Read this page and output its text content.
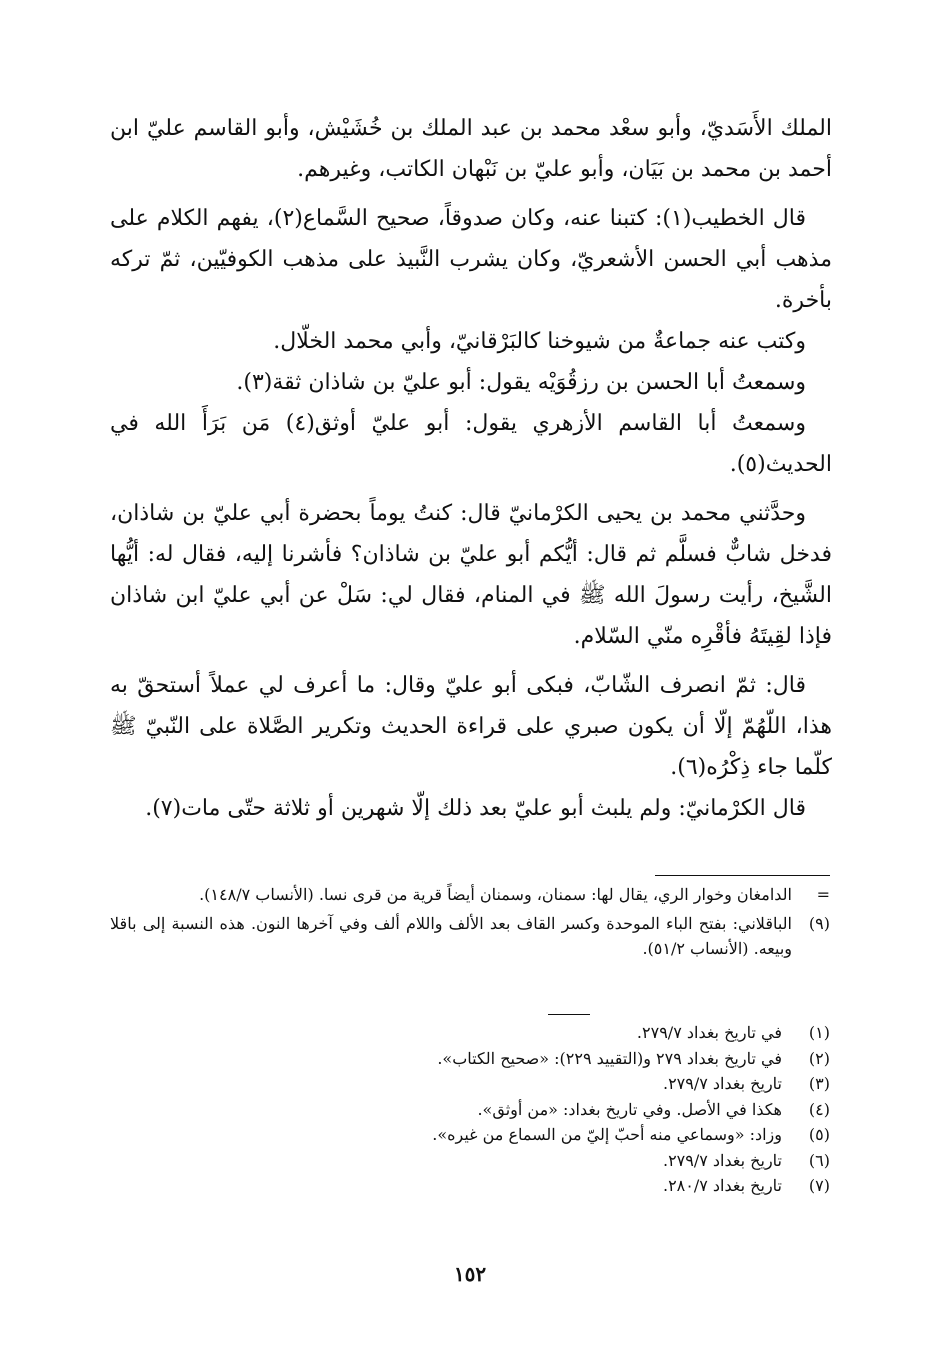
الملك الأَسَديّ، وأبو سعْد محمد بن عبد الملك بن خُشَيْش، وأبو القاسم عليّ ابن أحمد بن محمد بن بَيَان، وأبو عليّ بن نَبْهان الكاتب، وغيرهم.

قال الخطيب(١): كتبنا عنه، وكان صدوقاً، صحيح السَّماع(٢)، يفهم الكلام على مذهب أبي الحسن الأشعريّ، وكان يشرب النَّبيذ على مذهب الكوفيّين، ثمّ تركه بأخرة.

وكتب عنه جماعةٌ من شيوخنا كالبَرْقانيّ، وأبي محمد الخلّال.

وسمعتُ أبا الحسن بن رزقُوَيْه يقول: أبو عليّ بن شاذان ثقة(٣).

وسمعتُ أبا القاسم الأزهري يقول: أبو عليّ أوثق(٤) مَن بَرَأَ الله في الحديث(٥).

وحدَّثني محمد بن يحيى الكرْمانيّ قال: كنتُ يوماً بحضرة أبي عليّ بن شاذان، فدخل شابٌّ فسلَّم ثم قال: أيُّكم أبو عليّ بن شاذان؟ فأشرنا إليه، فقال له: أيُّها الشَّيخ، رأيت رسولَ الله ﷺ في المنام، فقال لي: سَلْ عن أبي عليّ ابن شاذان فإذا لقِيتَهُ فأقْرِه منّي السّلام.

قال: ثمّ انصرف الشّابّ، فبكى أبو عليّ وقال: ما أعرف لي عملاً أستحقّ به هذا، اللّهُمّ إلّا أن يكون صبري على قراءة الحديث وتكرير الصَّلاة على النّبيّ ﷺ كلّما جاء ذِكْرُه(٦).

قال الكرْمانيّ: ولم يلبث أبو عليّ بعد ذلك إلّا شهرين أو ثلاثة حتّى مات(٧).

=
الدامغان وخوار الري، يقال لها: سمنان، وسمنان أيضاً قرية من قرى نسا. (الأنساب ١٤٨/٧).
(٩)
الباقلاني: بفتح الباء الموحدة وكسر القاف بعد الألف واللام ألف وفي آخرها النون. هذه النسبة إلى باقلا وبيعه. (الأنساب ٥١/٢).
(١)
في تاريخ بغداد ٢٧٩/٧.
(٢)
في تاريخ بغداد ٢٧٩ و(التقييد ٢٢٩): «صحيح الكتاب».
(٣)
تاريخ بغداد ٢٧٩/٧.
(٤)
هكذا في الأصل. وفي تاريخ بغداد: «من أوثق».
(٥)
وزاد: «وسماعي منه أحبّ إليّ من السماع من غيره».
(٦)
تاريخ بغداد ٢٧٩/٧.
(٧)
تاريخ بغداد ٢٨٠/٧.
١٥٢
